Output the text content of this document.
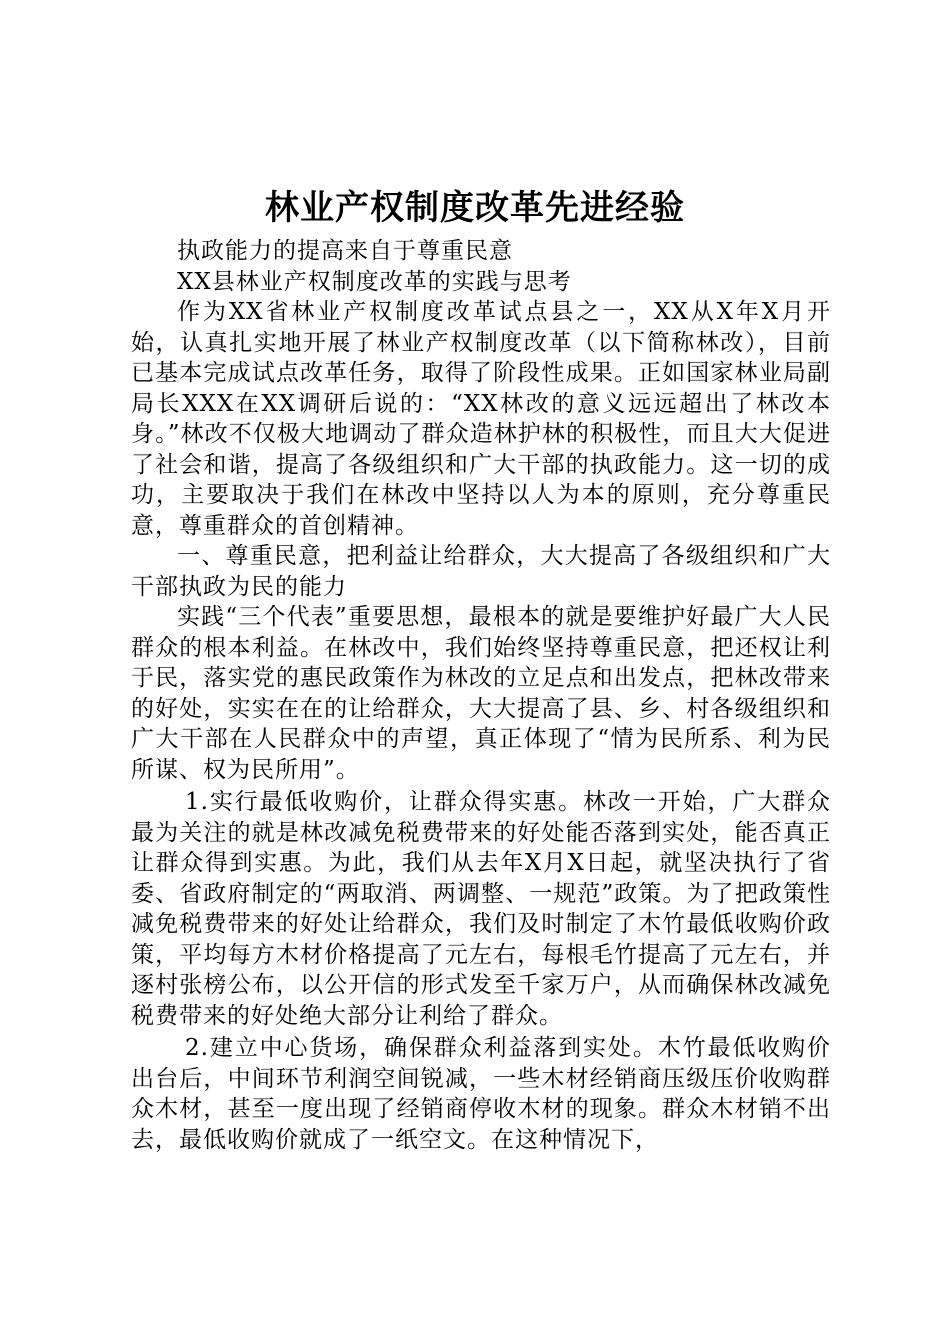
林业产权制度改革先进经验

执政能力的提高来自于尊重民意

XX县林业产权制度改革的实践与思考

作为XX省林业产权制度改革试点县之一，XX从X年X月开始，认真扎实地开展了林业产权制度改革（以下简称林改），目前已基本完成试点改革任务，取得了阶段性成果。正如国家林业局副局长XXX在XX调研后说的：“XX林改的意义远远超出了林改本身。”林改不仅极大地调动了群众造林护林的积极性，而且大大促进了社会和谐，提高了各级组织和广大干部的执政能力。这一切的成功，主要取决于我们在林改中坚持以人为本的原则，充分尊重民意，尊重群众的首创精神。

一、尊重民意，把利益让给群众，大大提高了各级组织和广大干部执政为民的能力

实践“三个代表”重要思想，最根本的就是要维护好最广大人民群众的根本利益。在林改中，我们始终坚持尊重民意，把还权让利于民，落实党的惠民政策作为林改的立足点和出发点，把林改带来的好处，实实在在的让给群众，大大提高了县、乡、村各级组织和广大干部在人民群众中的声望，真正体现了“情为民所系、利为民所谋、权为民所用”。

1.实行最低收购价，让群众得实惠。林改一开始，广大群众最为关注的就是林改减免税费带来的好处能否落到实处，能否真正让群众得到实惠。为此，我们从去年X月X日起，就坚决执行了省委、省政府制定的“两取消、两调整、一规范”政策。为了把政策性减免税费带来的好处让给群众，我们及时制定了木竹最低收购价政策，平均每方木材价格提高了元左右，每根毛竹提高了元左右，并逐村张榜公布，以公开信的形式发至千家万户，从而确保林改减免税费带来的好处绝大部分让利给了群众。

2.建立中心货场，确保群众利益落到实处。木竹最低收购价出台后，中间环节利润空间锐减，一些木材经销商压级压价收购群众木材，甚至一度出现了经销商停收木材的现象。群众木材销不出去，最低收购价就成了一纸空文。在这种情况下，
